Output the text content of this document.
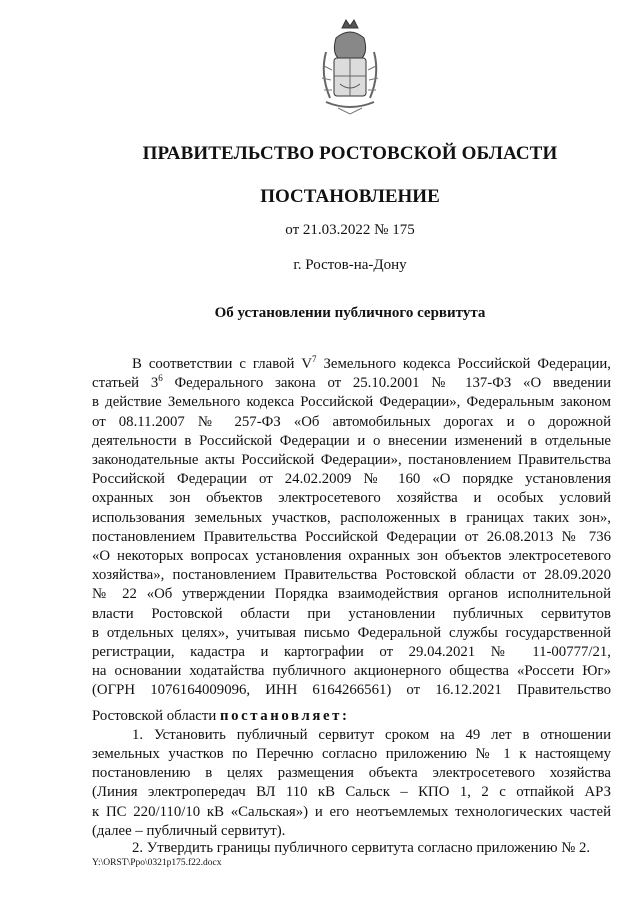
ПРАВИТЕЛЬСТВО РОСТОВСКОЙ ОБЛАСТИ
ПОСТАНОВЛЕНИЕ
от 21.03.2022 № 175
г. Ростов-на-Дону
Об установлении публичного сервитута
В соответствии с главой $V^7$ Земельного кодекса Российской Федерации,
статьей $3^6$ Федерального закона от 25.10.2001 № 137-ФЗ «О введении
в действие Земельного кодекса Российской Федерации», Федеральным законом
от 08.11.2007 № 257-ФЗ «Об автомобильных дорогах и о дорожной
деятельности в Российской Федерации и о внесении изменений в отдельные
законодательные акты Российской Федерации», постановлением Правительства
Российской Федерации от 24.02.2009 № 160 «О порядке установления
охранных зон объектов электросетевого хозяйства и особых условий
использования земельных участков, расположенных в границах таких зон»,
постановлением Правительства Российской Федерации от 26.08.2013 № 736
«О некоторых вопросах установления охранных зон объектов электросетевого
хозяйства», постановлением Правительства Ростовской области от 28.09.2020
№ 22 «Об утверждении Порядка взаимодействия органов исполнительной
власти Ростовской области при установлении публичных сервитутов
в отдельных целях», учитывая письмо Федеральной службы государственной
регистрации, кадастра и картографии от 29.04.2021 № 11-00777/21,
на основании ходатайства публичного акционерного общества «Россети Юг»
(ОГРН 1076164009096, ИНН 6164266561) от 16.12.2021 Правительство
Ростовской области постановляет:
1. Установить публичный сервитут сроком на 49 лет в отношении
земельных участков по Перечню согласно приложению № 1 к настоящему
постановлению в целях размещения объекта электросетевого хозяйства
(Линия электропередач ВЛ 110 кВ Сальск – КПО 1, 2 с отпайкой АРЗ
к ПС 220/110/10 кВ «Сальская») и его неотъемлемых технологических частей
(далее – публичный сервитут).
2. Утвердить границы публичного сервитута согласно приложению № 2.
Y:\ORST\Ppo\0321p175.f22.docx
